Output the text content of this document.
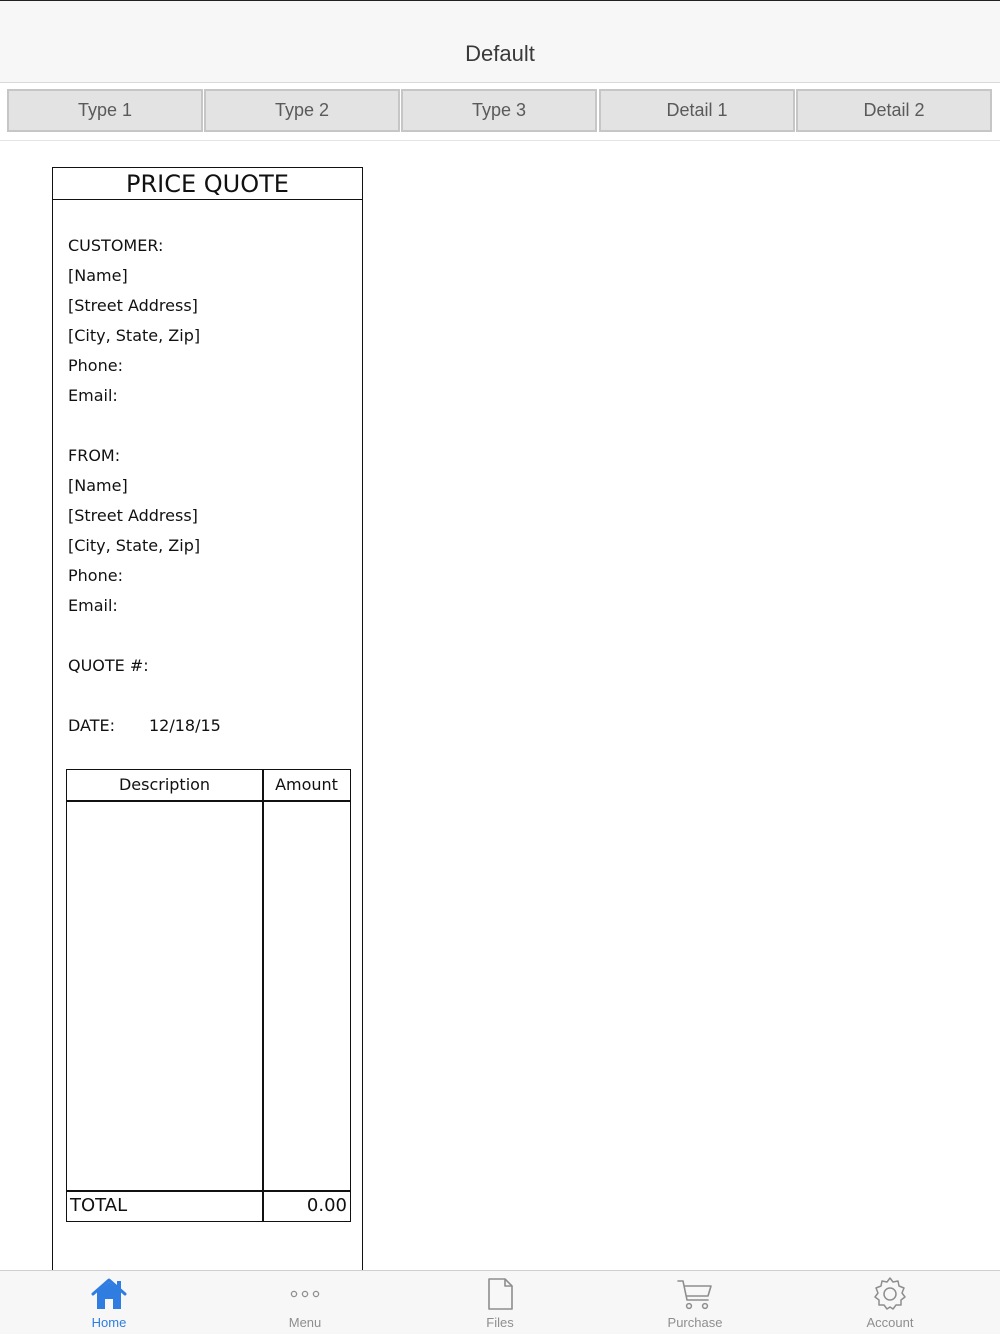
Default
Type 1	Type 2	Type 3	Detail 1	Detail 2
PRICE QUOTE
CUSTOMER:
[Name]
[Street Address]
[City, State, Zip]
Phone:
Email:
FROM:
[Name]
[Street Address]
[City, State, Zip]
Phone:
Email:
QUOTE #:
DATE: 12/18/15
Description	Amount
TOTAL	0.00
Home	Menu	Files	Purchase	Account
